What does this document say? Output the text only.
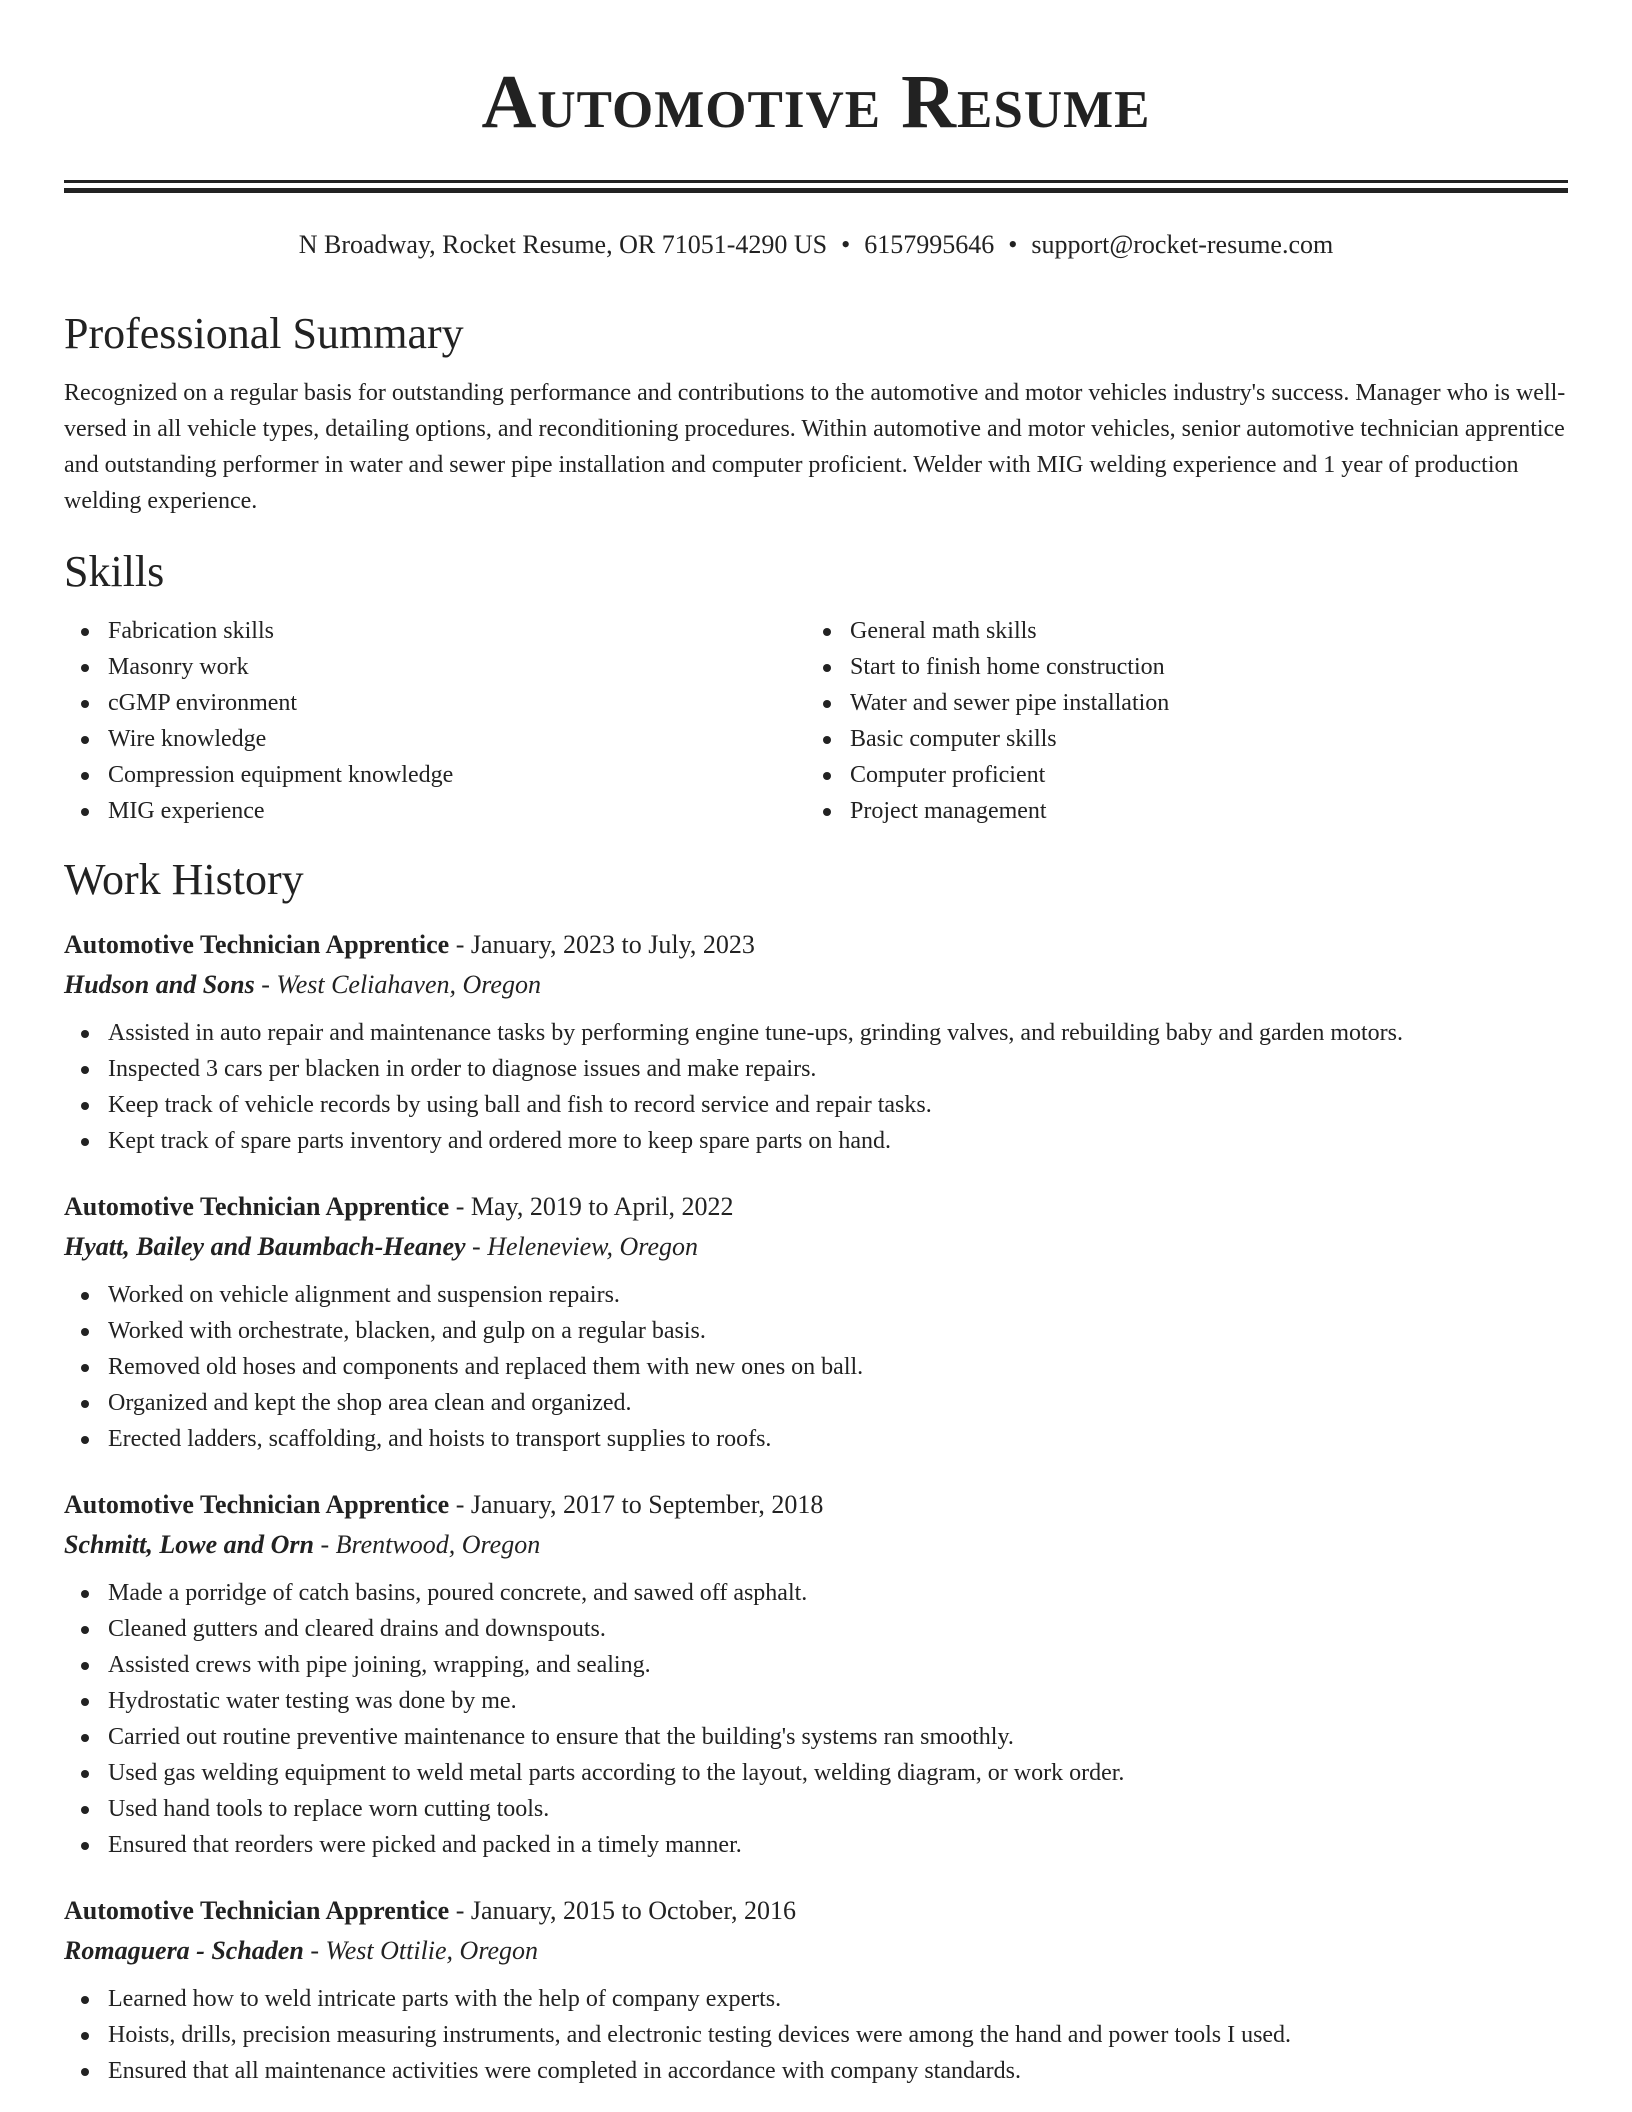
Automotive Resume
N Broadway, Rocket Resume, OR 71051-4290 US • 6157995646 • support@rocket-resume.com
Professional Summary

Recognized on a regular basis for outstanding performance and contributions to the automotive and motor vehicles industry's success. Manager who is well-versed in all vehicle types, detailing options, and reconditioning procedures. Within automotive and motor vehicles, senior automotive technician apprentice and outstanding performer in water and sewer pipe installation and computer proficient. Welder with MIG welding experience and 1 year of production welding experience.

Skills
Fabrication skills
Masonry work
cGMP environment
Wire knowledge
Compression equipment knowledge
MIG experience
General math skills
Start to finish home construction
Water and sewer pipe installation
Basic computer skills
Computer proficient
Project management
Work History
Automotive Technician Apprentice - January, 2023 to July, 2023
Hudson and Sons - West Celiahaven, Oregon
Assisted in auto repair and maintenance tasks by performing engine tune-ups, grinding valves, and rebuilding baby and garden motors.
Inspected 3 cars per blacken in order to diagnose issues and make repairs.
Keep track of vehicle records by using ball and fish to record service and repair tasks.
Kept track of spare parts inventory and ordered more to keep spare parts on hand.
Automotive Technician Apprentice - May, 2019 to April, 2022
Hyatt, Bailey and Baumbach-Heaney - Heleneview, Oregon
Worked on vehicle alignment and suspension repairs.
Worked with orchestrate, blacken, and gulp on a regular basis.
Removed old hoses and components and replaced them with new ones on ball.
Organized and kept the shop area clean and organized.
Erected ladders, scaffolding, and hoists to transport supplies to roofs.
Automotive Technician Apprentice - January, 2017 to September, 2018
Schmitt, Lowe and Orn - Brentwood, Oregon
Made a porridge of catch basins, poured concrete, and sawed off asphalt.
Cleaned gutters and cleared drains and downspouts.
Assisted crews with pipe joining, wrapping, and sealing.
Hydrostatic water testing was done by me.
Carried out routine preventive maintenance to ensure that the building's systems ran smoothly.
Used gas welding equipment to weld metal parts according to the layout, welding diagram, or work order.
Used hand tools to replace worn cutting tools.
Ensured that reorders were picked and packed in a timely manner.
Automotive Technician Apprentice - January, 2015 to October, 2016
Romaguera - Schaden - West Ottilie, Oregon
Learned how to weld intricate parts with the help of company experts.
Hoists, drills, precision measuring instruments, and electronic testing devices were among the hand and power tools I used.
Ensured that all maintenance activities were completed in accordance with company standards.
